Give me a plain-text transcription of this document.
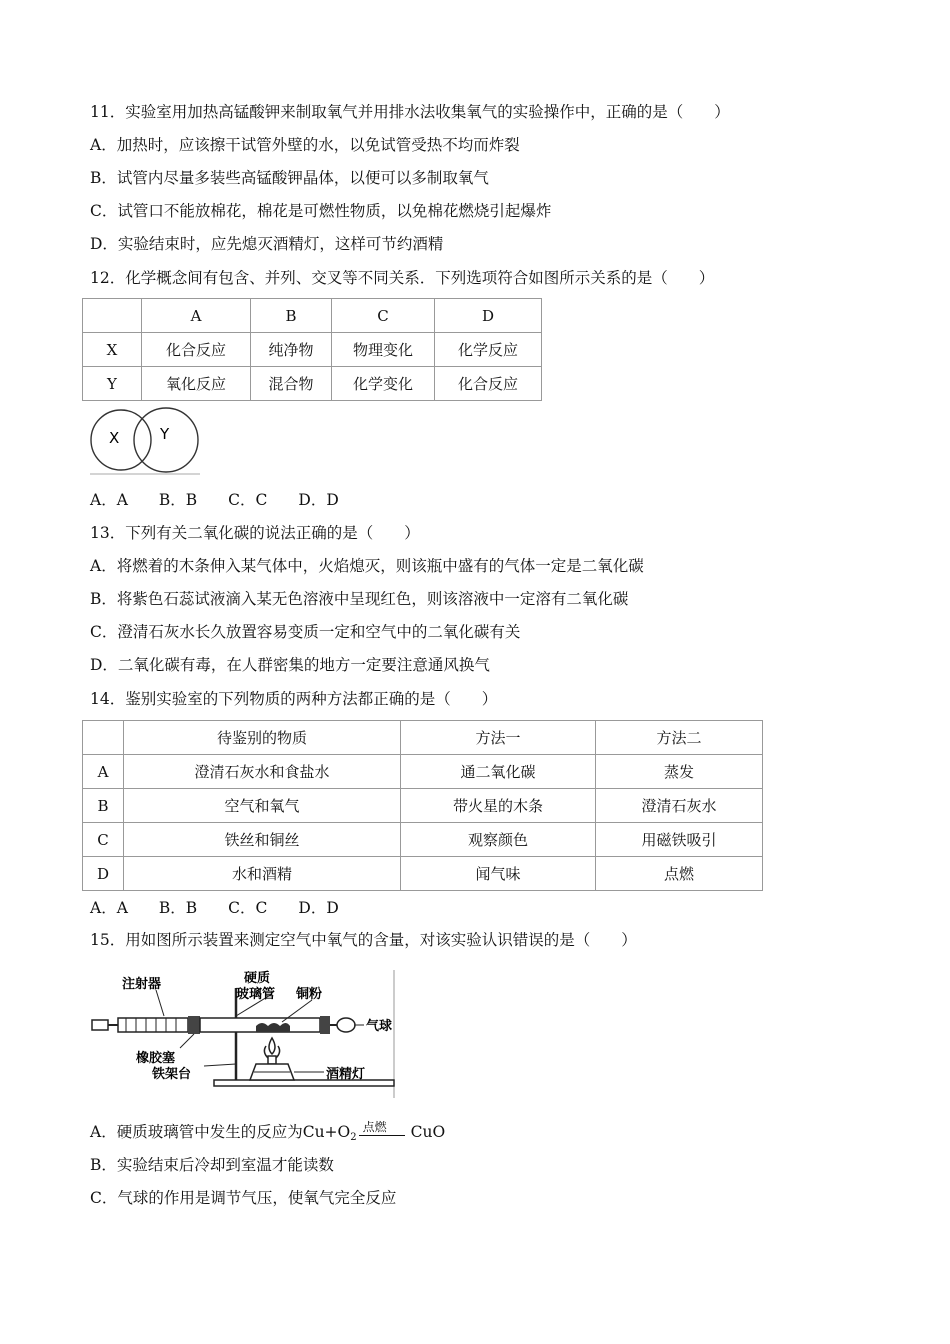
11．实验室用加热高锰酸钾来制取氧气并用排水法收集氧气的实验操作中，正确的是（　　）
A．加热时，应该擦干试管外壁的水，以免试管受热不均而炸裂
B．试管内尽量多装些高锰酸钾晶体，以便可以多制取氧气
C．试管口不能放棉花，棉花是可燃性物质，以免棉花燃烧引起爆炸
D．实验结束时，应先熄灭酒精灯，这样可节约酒精
12．化学概念间有包含、并列、交叉等不同关系．下列选项符合如图所示关系的是（　　）
	A	B	C	D
X	化合反应	纯净物	物理变化	化学反应
Y	氧化反应	混合物	化学变化	化合反应
X	Y
A．A　　B．B　　C．C　　D．D
13．下列有关二氧化碳的说法正确的是（　　）
A．将燃着的木条伸入某气体中，火焰熄灭，则该瓶中盛有的气体一定是二氧化碳
B．将紫色石蕊试液滴入某无色溶液中呈现红色，则该溶液中一定溶有二氧化碳
C．澄清石灰水长久放置容易变质一定和空气中的二氧化碳有关
D．二氧化碳有毒，在人群密集的地方一定要注意通风换气
14．鉴别实验室的下列物质的两种方法都正确的是（　　）
	待鉴别的物质	方法一	方法二
A	澄清石灰水和食盐水	通二氧化碳	蒸发
B	空气和氧气	带火星的木条	澄清石灰水
C	铁丝和铜丝	观察颜色	用磁铁吸引
D	水和酒精	闻气味	点燃
A．A　　B．B　　C．C　　D．D
15．用如图所示装置来测定空气中氧气的含量，对该实验认识错误的是（　　）
硬质
玻璃管 铜粉
注射器
气球
橡胶塞
铁架台	酒精灯
A．硬质玻璃管中发生的反应为$Cu+O_2$
点燃 CuO
B．实验结束后冷却到室温才能读数
C．气球的作用是调节气压，使氧气完全反应
